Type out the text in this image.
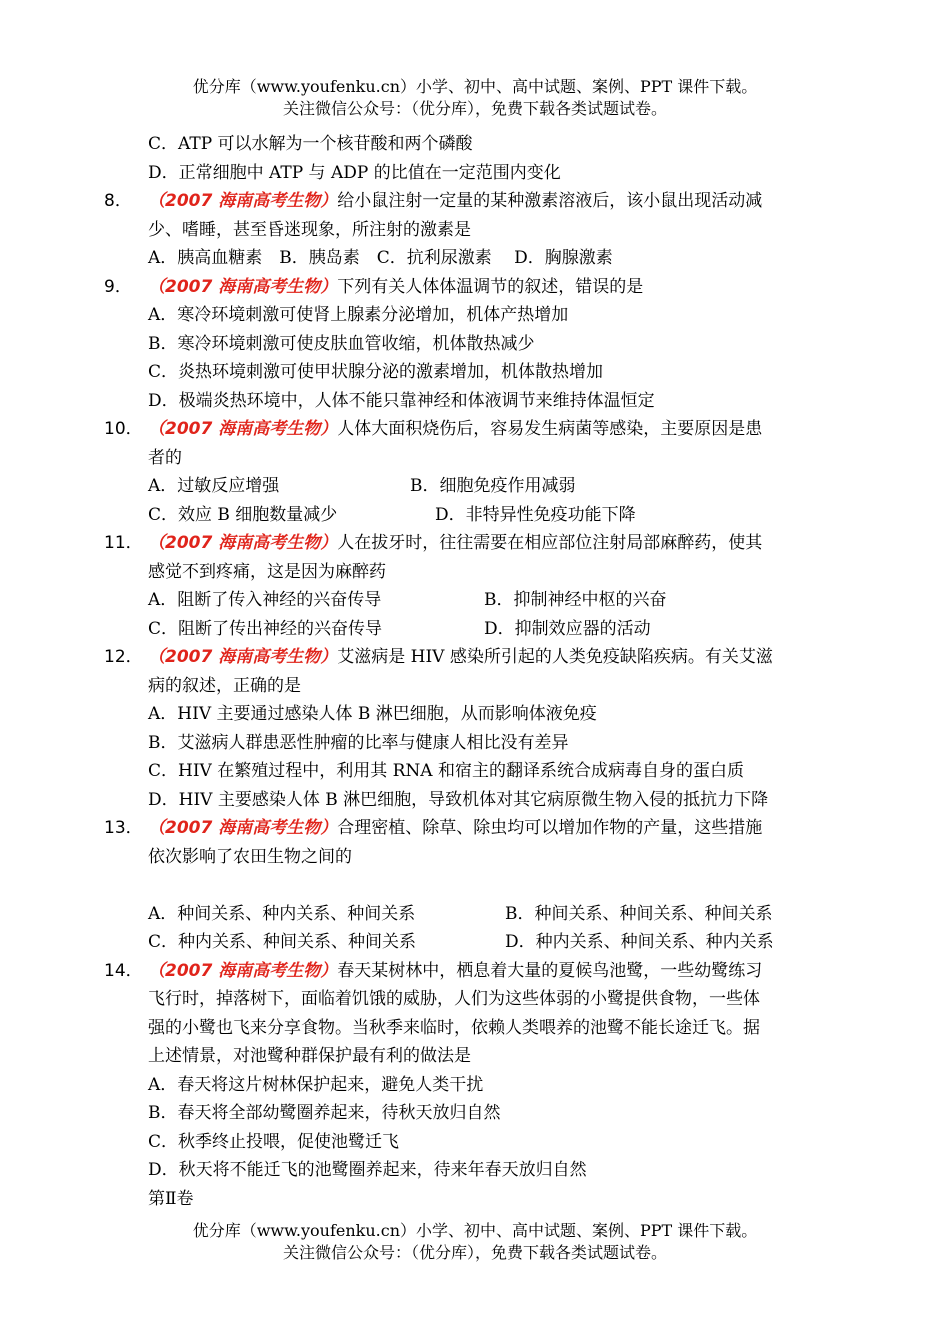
优分库（www.youfenku.cn）小学、初中、高中试题、案例、PPT 课件下载。
关注微信公众号：（优分库），免费下载各类试题试卷。
C．ATP 可以水解为一个核苷酸和两个磷酸
D．正常细胞中 ATP 与 ADP 的比值在一定范围内变化
8． （2007 海南高考生物）给小鼠注射一定量的某种激素溶液后，该小鼠出现活动减
少、嗜睡，甚至昏迷现象，所注射的激素是
A．胰高血糖素　B．胰岛素　C．抗利尿激素　 D．胸腺激素
9． （2007 海南高考生物）下列有关人体体温调节的叙述，错误的是
A．寒冷环境刺激可使肾上腺素分泌增加，机体产热增加
B．寒冷环境刺激可使皮肤血管收缩，机体散热减少
C．炎热环境刺激可使甲状腺分泌的激素增加，机体散热增加
D．极端炎热环境中，人体不能只靠神经和体液调节来维持体温恒定
10． （2007 海南高考生物）人体大面积烧伤后，容易发生病菌等感染，主要原因是患
者的
A．过敏反应增强	B．细胞免疫作用减弱
C．效应 B 细胞数量减少	D．非特异性免疫功能下降
11． （2007 海南高考生物）人在拔牙时，往往需要在相应部位注射局部麻醉药，使其
感觉不到疼痛，这是因为麻醉药
A．阻断了传入神经的兴奋传导	B．抑制神经中枢的兴奋
C．阻断了传出神经的兴奋传导	D．抑制效应器的活动
12． （2007 海南高考生物）艾滋病是 HIV 感染所引起的人类免疫缺陷疾病。有关艾滋
病的叙述，正确的是
A．HIV 主要通过感染人体 B 淋巴细胞，从而影响体液免疫
B．艾滋病人群患恶性肿瘤的比率与健康人相比没有差异
C．HIV 在繁殖过程中，利用其 RNA 和宿主的翻译系统合成病毒自身的蛋白质
D．HIV 主要感染人体 B 淋巴细胞，导致机体对其它病原微生物入侵的抵抗力下降
13． （2007 海南高考生物）合理密植、除草、除虫均可以增加作物的产量，这些措施
依次影响了农田生物之间的
A．种间关系、种内关系、种间关系	B．种间关系、种间关系、种间关系
C．种内关系、种间关系、种间关系	D．种内关系、种间关系、种内关系
14． （2007 海南高考生物）春天某树林中，栖息着大量的夏候鸟池鹭，一些幼鹭练习
飞行时，掉落树下，面临着饥饿的威胁，人们为这些体弱的小鹭提供食物，一些体
强的小鹭也飞来分享食物。当秋季来临时，依赖人类喂养的池鹭不能长途迁飞。据
上述情景，对池鹭种群保护最有利的做法是
A．春天将这片树林保护起来，避免人类干扰
B．春天将全部幼鹭圈养起来，待秋天放归自然
C．秋季终止投喂，促使池鹭迁飞
D．秋天将不能迁飞的池鹭圈养起来，待来年春天放归自然
第Ⅱ卷
优分库（www.youfenku.cn）小学、初中、高中试题、案例、PPT 课件下载。
关注微信公众号：（优分库），免费下载各类试题试卷。
